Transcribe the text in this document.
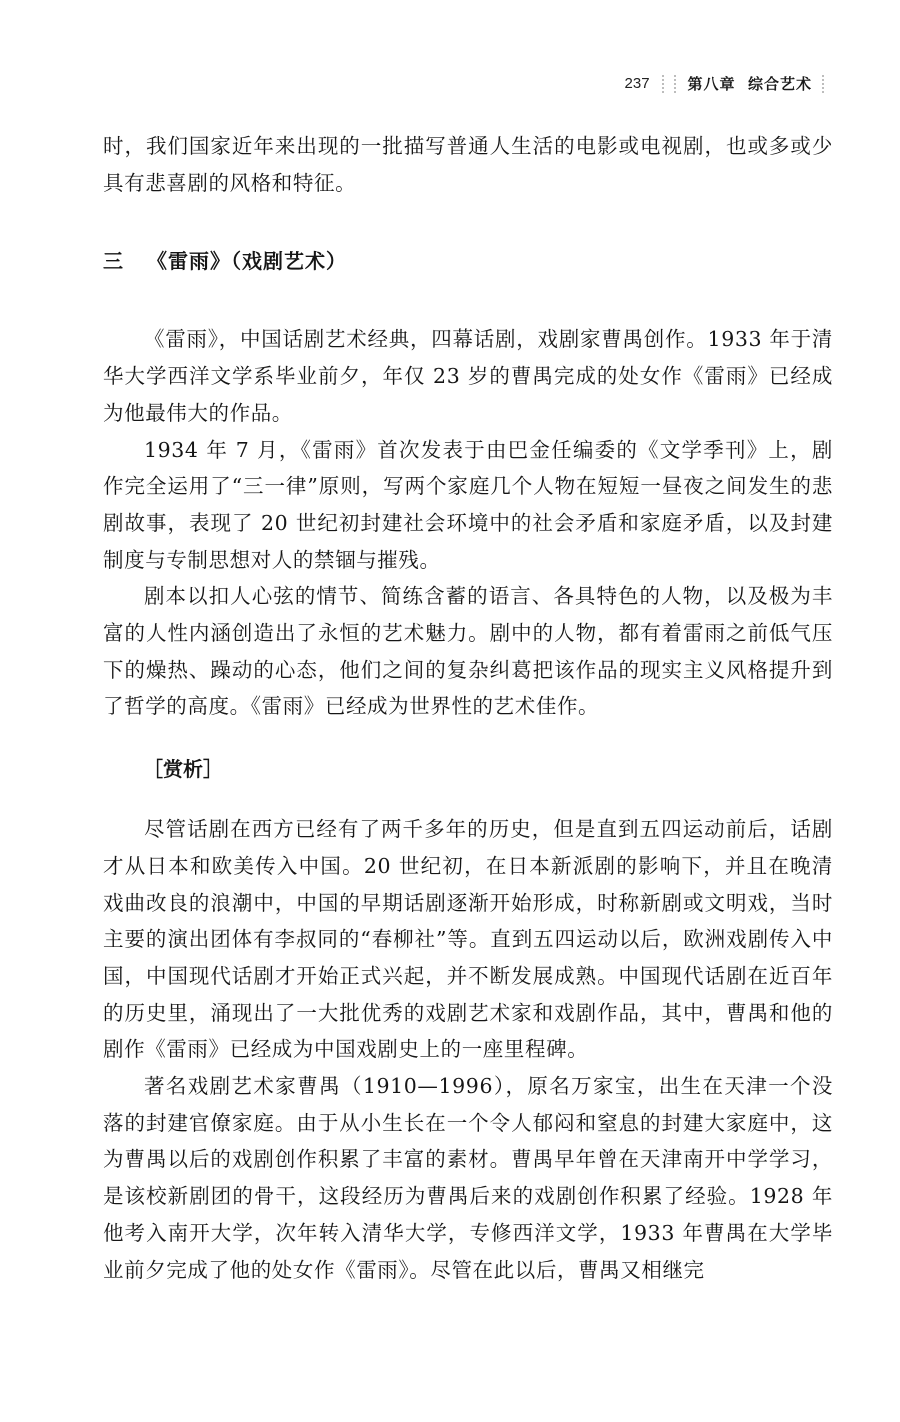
237	第八章  综合艺术

时，我们国家近年来出现的一批描写普通人生活的电影或电视剧，也或多或少具有悲喜剧的风格和特征。

三 《雷雨》（戏剧艺术）

《雷雨》，中国话剧艺术经典，四幕话剧，戏剧家曹禺创作。1933 年于清华大学西洋文学系毕业前夕，年仅 23 岁的曹禺完成的处女作《雷雨》已经成为他最伟大的作品。

1934 年 7 月，《雷雨》首次发表于由巴金任编委的《文学季刊》上，剧作完全运用了“三一律”原则，写两个家庭几个人物在短短一昼夜之间发生的悲剧故事，表现了 20 世纪初封建社会环境中的社会矛盾和家庭矛盾，以及封建制度与专制思想对人的禁锢与摧残。

剧本以扣人心弦的情节、简练含蓄的语言、各具特色的人物，以及极为丰富的人性内涵创造出了永恒的艺术魅力。剧中的人物，都有着雷雨之前低气压下的燥热、躁动的心态，他们之间的复杂纠葛把该作品的现实主义风格提升到了哲学的高度。《雷雨》已经成为世界性的艺术佳作。

［赏析］

尽管话剧在西方已经有了两千多年的历史，但是直到五四运动前后，话剧才从日本和欧美传入中国。20 世纪初，在日本新派剧的影响下，并且在晚清戏曲改良的浪潮中，中国的早期话剧逐渐开始形成，时称新剧或文明戏，当时主要的演出团体有李叔同的“春柳社”等。直到五四运动以后，欧洲戏剧传入中国，中国现代话剧才开始正式兴起，并不断发展成熟。中国现代话剧在近百年的历史里，涌现出了一大批优秀的戏剧艺术家和戏剧作品，其中，曹禺和他的剧作《雷雨》已经成为中国戏剧史上的一座里程碑。

著名戏剧艺术家曹禺（1910—1996），原名万家宝，出生在天津一个没落的封建官僚家庭。由于从小生长在一个令人郁闷和窒息的封建大家庭中，这为曹禺以后的戏剧创作积累了丰富的素材。曹禺早年曾在天津南开中学学习，是该校新剧团的骨干，这段经历为曹禺后来的戏剧创作积累了经验。1928 年他考入南开大学，次年转入清华大学，专修西洋文学，1933 年曹禺在大学毕业前夕完成了他的处女作《雷雨》。尽管在此以后，曹禺又相继完
